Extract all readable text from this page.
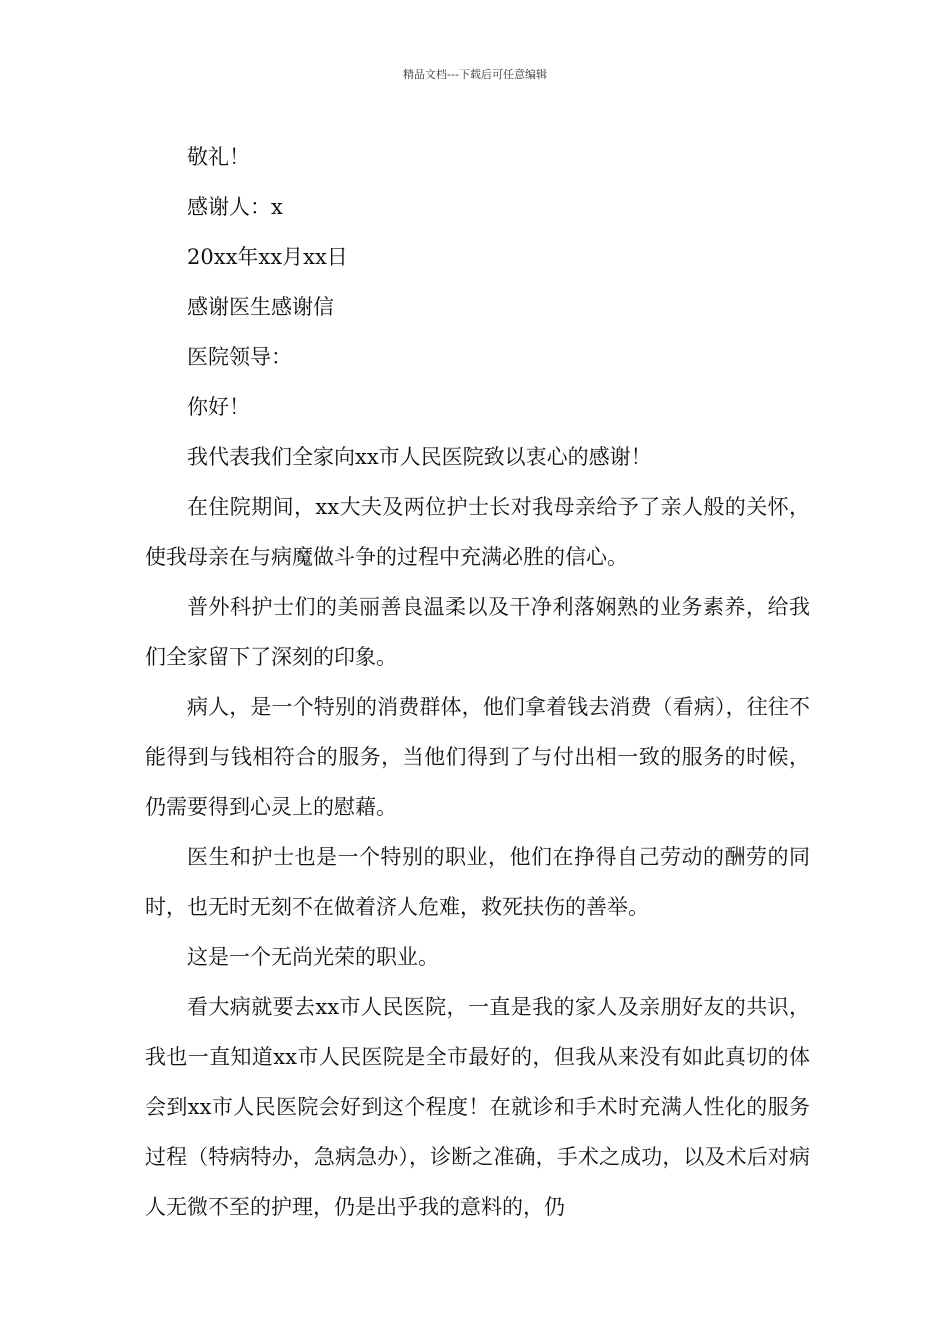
精品文档---下载后可任意编辑

敬礼！

感谢人：x

20xx年xx月xx日

感谢医生感谢信

医院领导：

你好！

我代表我们全家向xx市人民医院致以衷心的感谢！

在住院期间，xx大夫及两位护士长对我母亲给予了亲人般的关怀，使我母亲在与病魔做斗争的过程中充满必胜的信心。

普外科护士们的美丽善良温柔以及干净利落娴熟的业务素养，给我们全家留下了深刻的印象。

病人，是一个特别的消费群体，他们拿着钱去消费（看病），往往不能得到与钱相符合的服务，当他们得到了与付出相一致的服务的时候，仍需要得到心灵上的慰藉。

医生和护士也是一个特别的职业，他们在挣得自己劳动的酬劳的同时，也无时无刻不在做着济人危难，救死扶伤的善举。

这是一个无尚光荣的职业。

看大病就要去xx市人民医院，一直是我的家人及亲朋好友的共识，我也一直知道xx市人民医院是全市最好的，但我从来没有如此真切的体会到xx市人民医院会好到这个程度！在就诊和手术时充满人性化的服务过程（特病特办，急病急办），诊断之准确，手术之成功，以及术后对病人无微不至的护理，仍是出乎我的意料的，仍
